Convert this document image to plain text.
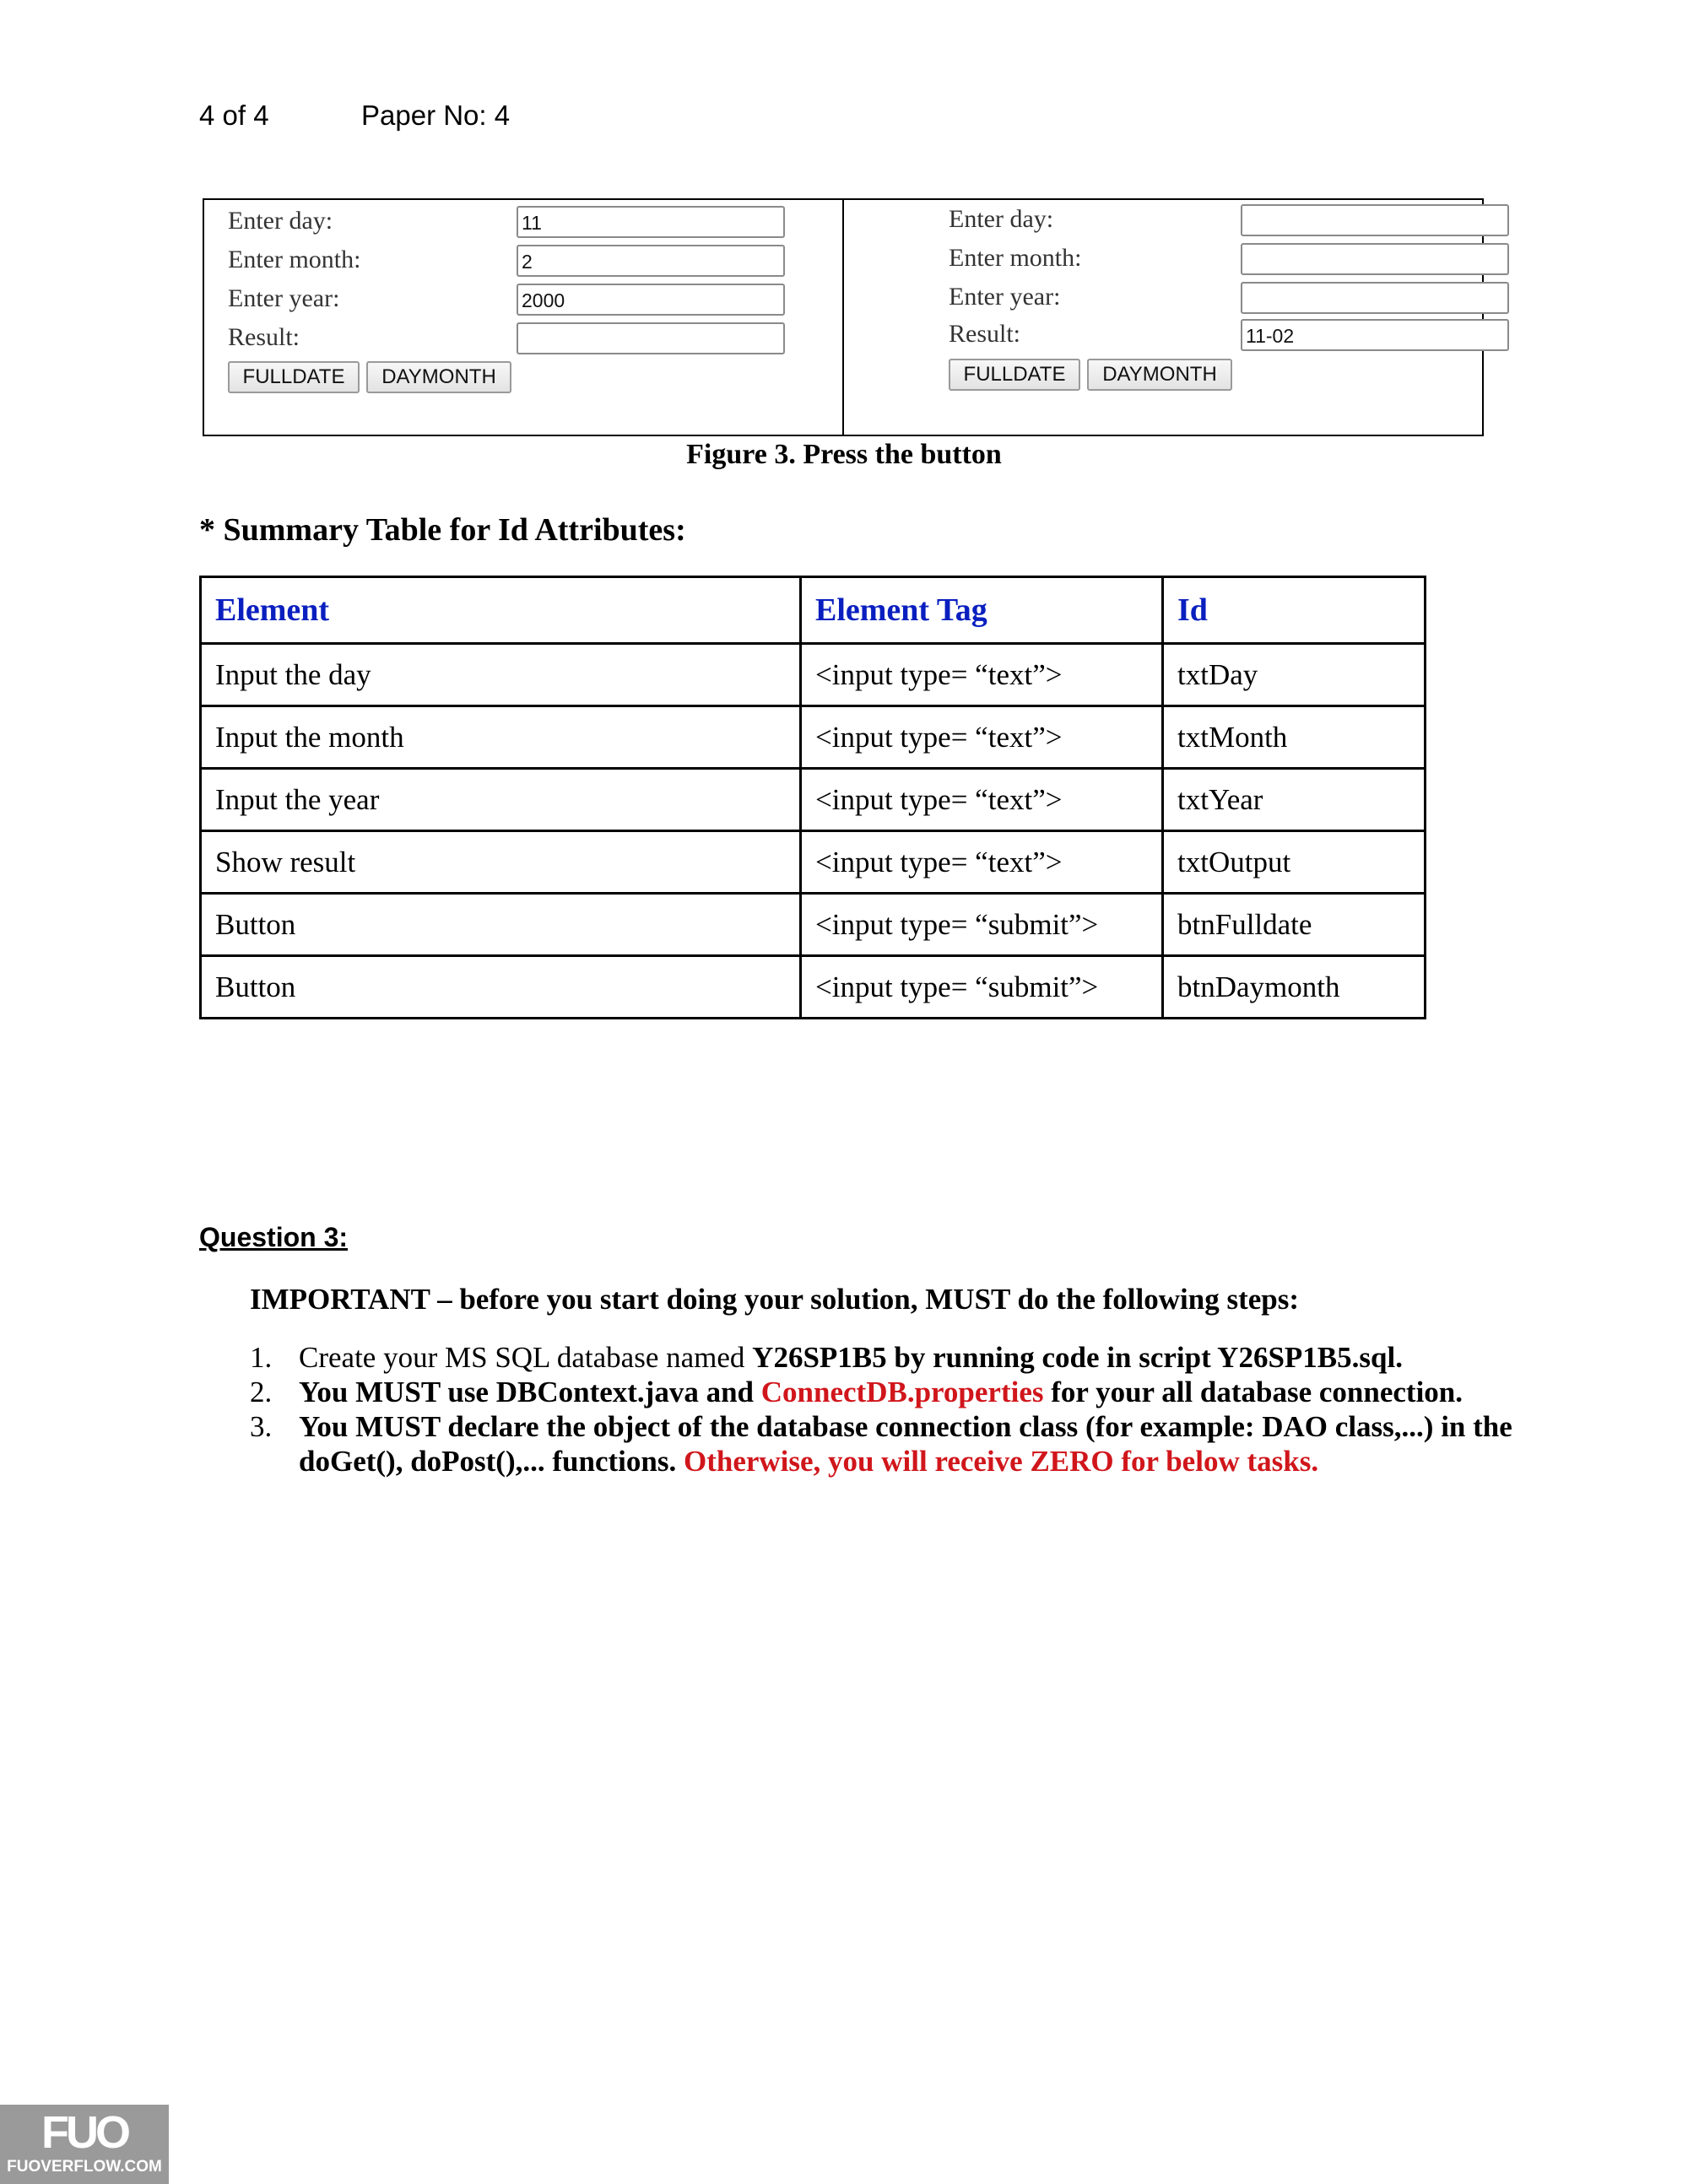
4 of 4	Paper No: 4
Enter day:	11
Enter month:	2
Enter year:	2000
Result:
FULLDATE	DAYMONTH
Enter day:
Enter month:
Enter year:
Result:	11-02
FULLDATE	DAYMONTH
Figure 3. Press the button
* Summary Table for Id Attributes:
Element	Element Tag	Id
Input the day	<input type= “text”>	txtDay
Input the month	<input type= “text”>	txtMonth
Input the year	<input type= “text”>	txtYear
Show result	<input type= “text”>	txtOutput
Button	<input type= “submit”>	btnFulldate
Button	<input type= “submit”>	btnDaymonth
Question 3:
IMPORTANT – before you start doing your solution, MUST do the following steps:
1. Create your MS SQL database named Y26SP1B5 by running code in script Y26SP1B5.sql.
2. You MUST use DBContext.java and ConnectDB.properties for your all database connection.
3. You MUST declare the object of the database connection class (for example: DAO class,...) in the doGet(), doPost(),... functions. Otherwise, you will receive ZERO for below tasks.
FUO
FUOVERFLOW.COM
